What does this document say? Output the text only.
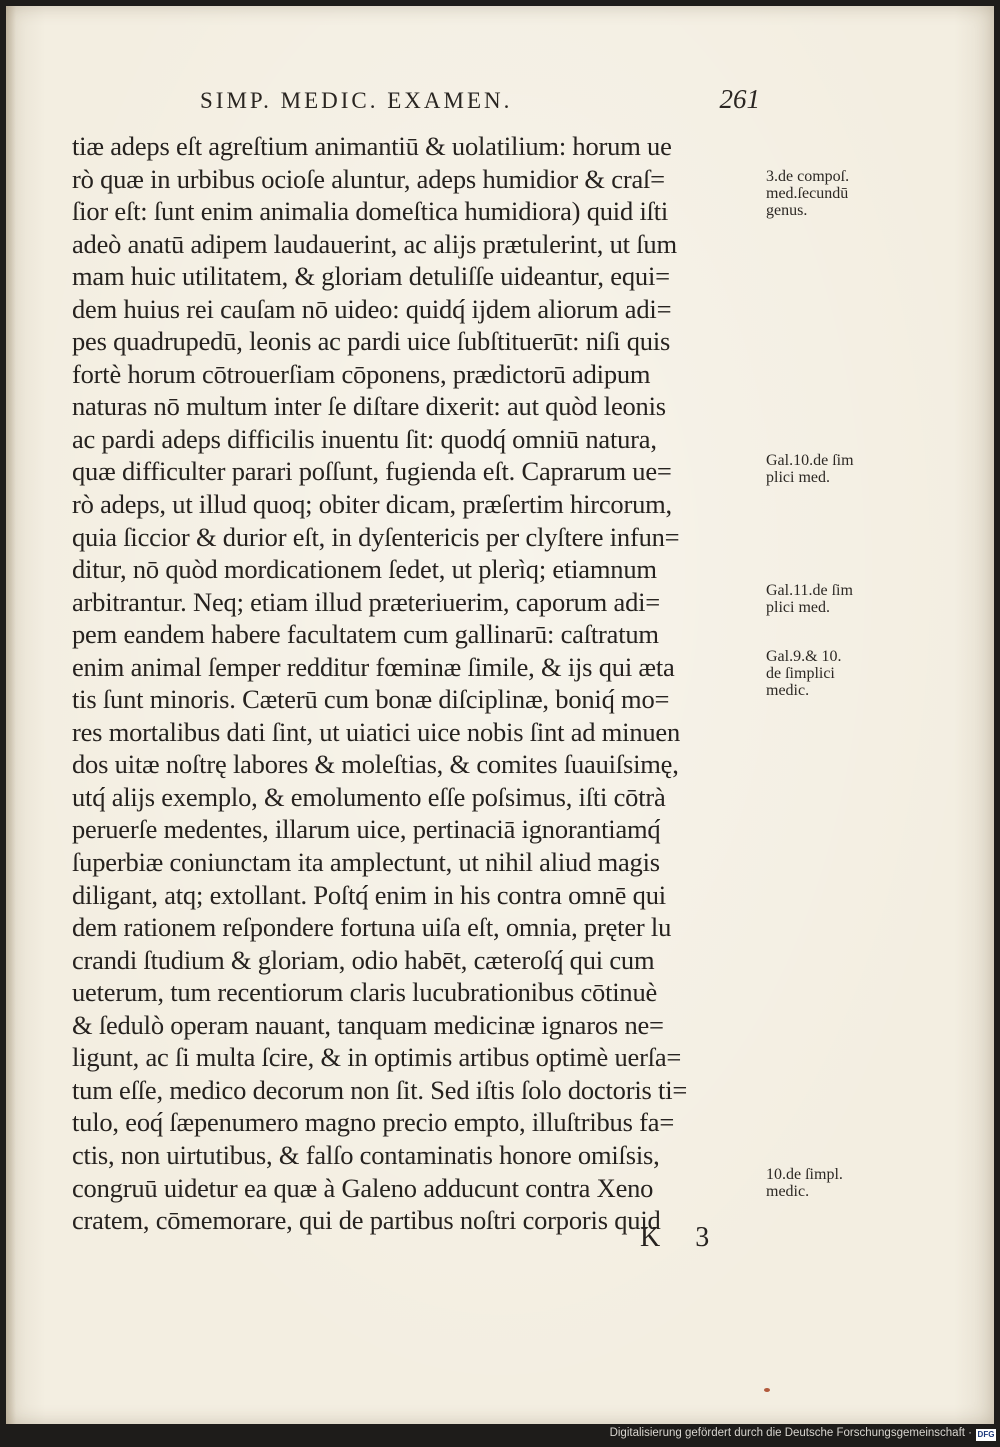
SIMP. MEDIC. EXAMEN.	261
tiæ adeps eſt agreſtium animantiū & uolatilium: horum ue
rò quæ in urbibus ocioſe aluntur, adeps humidior & craſ=
ſior eſt: ſunt enim animalia domeſtica humidiora) quid iſti
adeò anatū adipem laudauerint, ac alijs prætulerint, ut ſum
mam huic utilitatem, & gloriam detuliſſe uideantur, equi=
dem huius rei cauſam nō uideo: quidq́ ijdem aliorum adi=
pes quadrupedū, leonis ac pardi uice ſubſtituerūt: niſi quis
fortè horum cōtrouerſiam cōponens, prædictorū adipum
naturas nō multum inter ſe diſtare dixerit: aut quòd leonis
ac pardi adeps difficilis inuentu ſit: quodq́ omniū natura,
quæ difficulter parari poſſunt, fugienda eſt. Caprarum ue=
rò adeps, ut illud quoq; obiter dicam, præſertim hircorum,
quia ſiccior & durior eſt, in dyſentericis per clyſtere infun=
ditur, nō quòd mordicationem ſedet, ut plerìq; etiamnum
arbitrantur. Neq; etiam illud præteriuerim, caporum adi=
pem eandem habere facultatem cum gallinarū: caſtratum
enim animal ſemper redditur fœminæ ſimile, & ijs qui æta
tis ſunt minoris. Cæterū cum bonæ diſciplinæ, boniq́ mo=
res mortalibus dati ſint, ut uiatici uice nobis ſint ad minuen
dos uitæ noſtrę labores & moleſtias, & comites ſuauiſsimę,
utq́ alijs exemplo, & emolumento eſſe poſsimus, iſti cōtrà
peruerſe medentes, illarum uice, pertinaciā ignorantiamq́
ſuperbiæ coniunctam ita amplectunt, ut nihil aliud magis
diligant, atq; extollant. Poſtq́ enim in his contra omnē qui
dem rationem reſpondere fortuna uiſa eſt, omnia, pręter lu
crandi ſtudium & gloriam, odio habēt, cæteroſq́ qui cum
ueterum, tum recentiorum claris lucubrationibus cōtinuè
& ſedulò operam nauant, tanquam medicinæ ignaros ne=
ligunt, ac ſi multa ſcire, & in optimis artibus optimè uerſa=
tum eſſe, medico decorum non ſit. Sed iſtis ſolo doctoris ti=
tulo, eoq́ ſæpenumero magno precio empto, illuſtribus fa=
ctis, non uirtutibus, & falſo contaminatis honore omiſsis,
congruū uidetur ea quæ à Galeno adducunt contra Xeno
cratem, cōmemorare, qui de partibus noſtri corporis quid
K 3
3.de compoſ.
med.ſecundū
genus.
Gal.10.de ſim
plici med.
Gal.11.de ſim
plici med.
Gal.9.& 10.
de ſimplici
medic.
10.de ſimpl.
medic.
Digitalisierung gefördert durch die Deutsche Forschungsgemeinschaft · DFG
